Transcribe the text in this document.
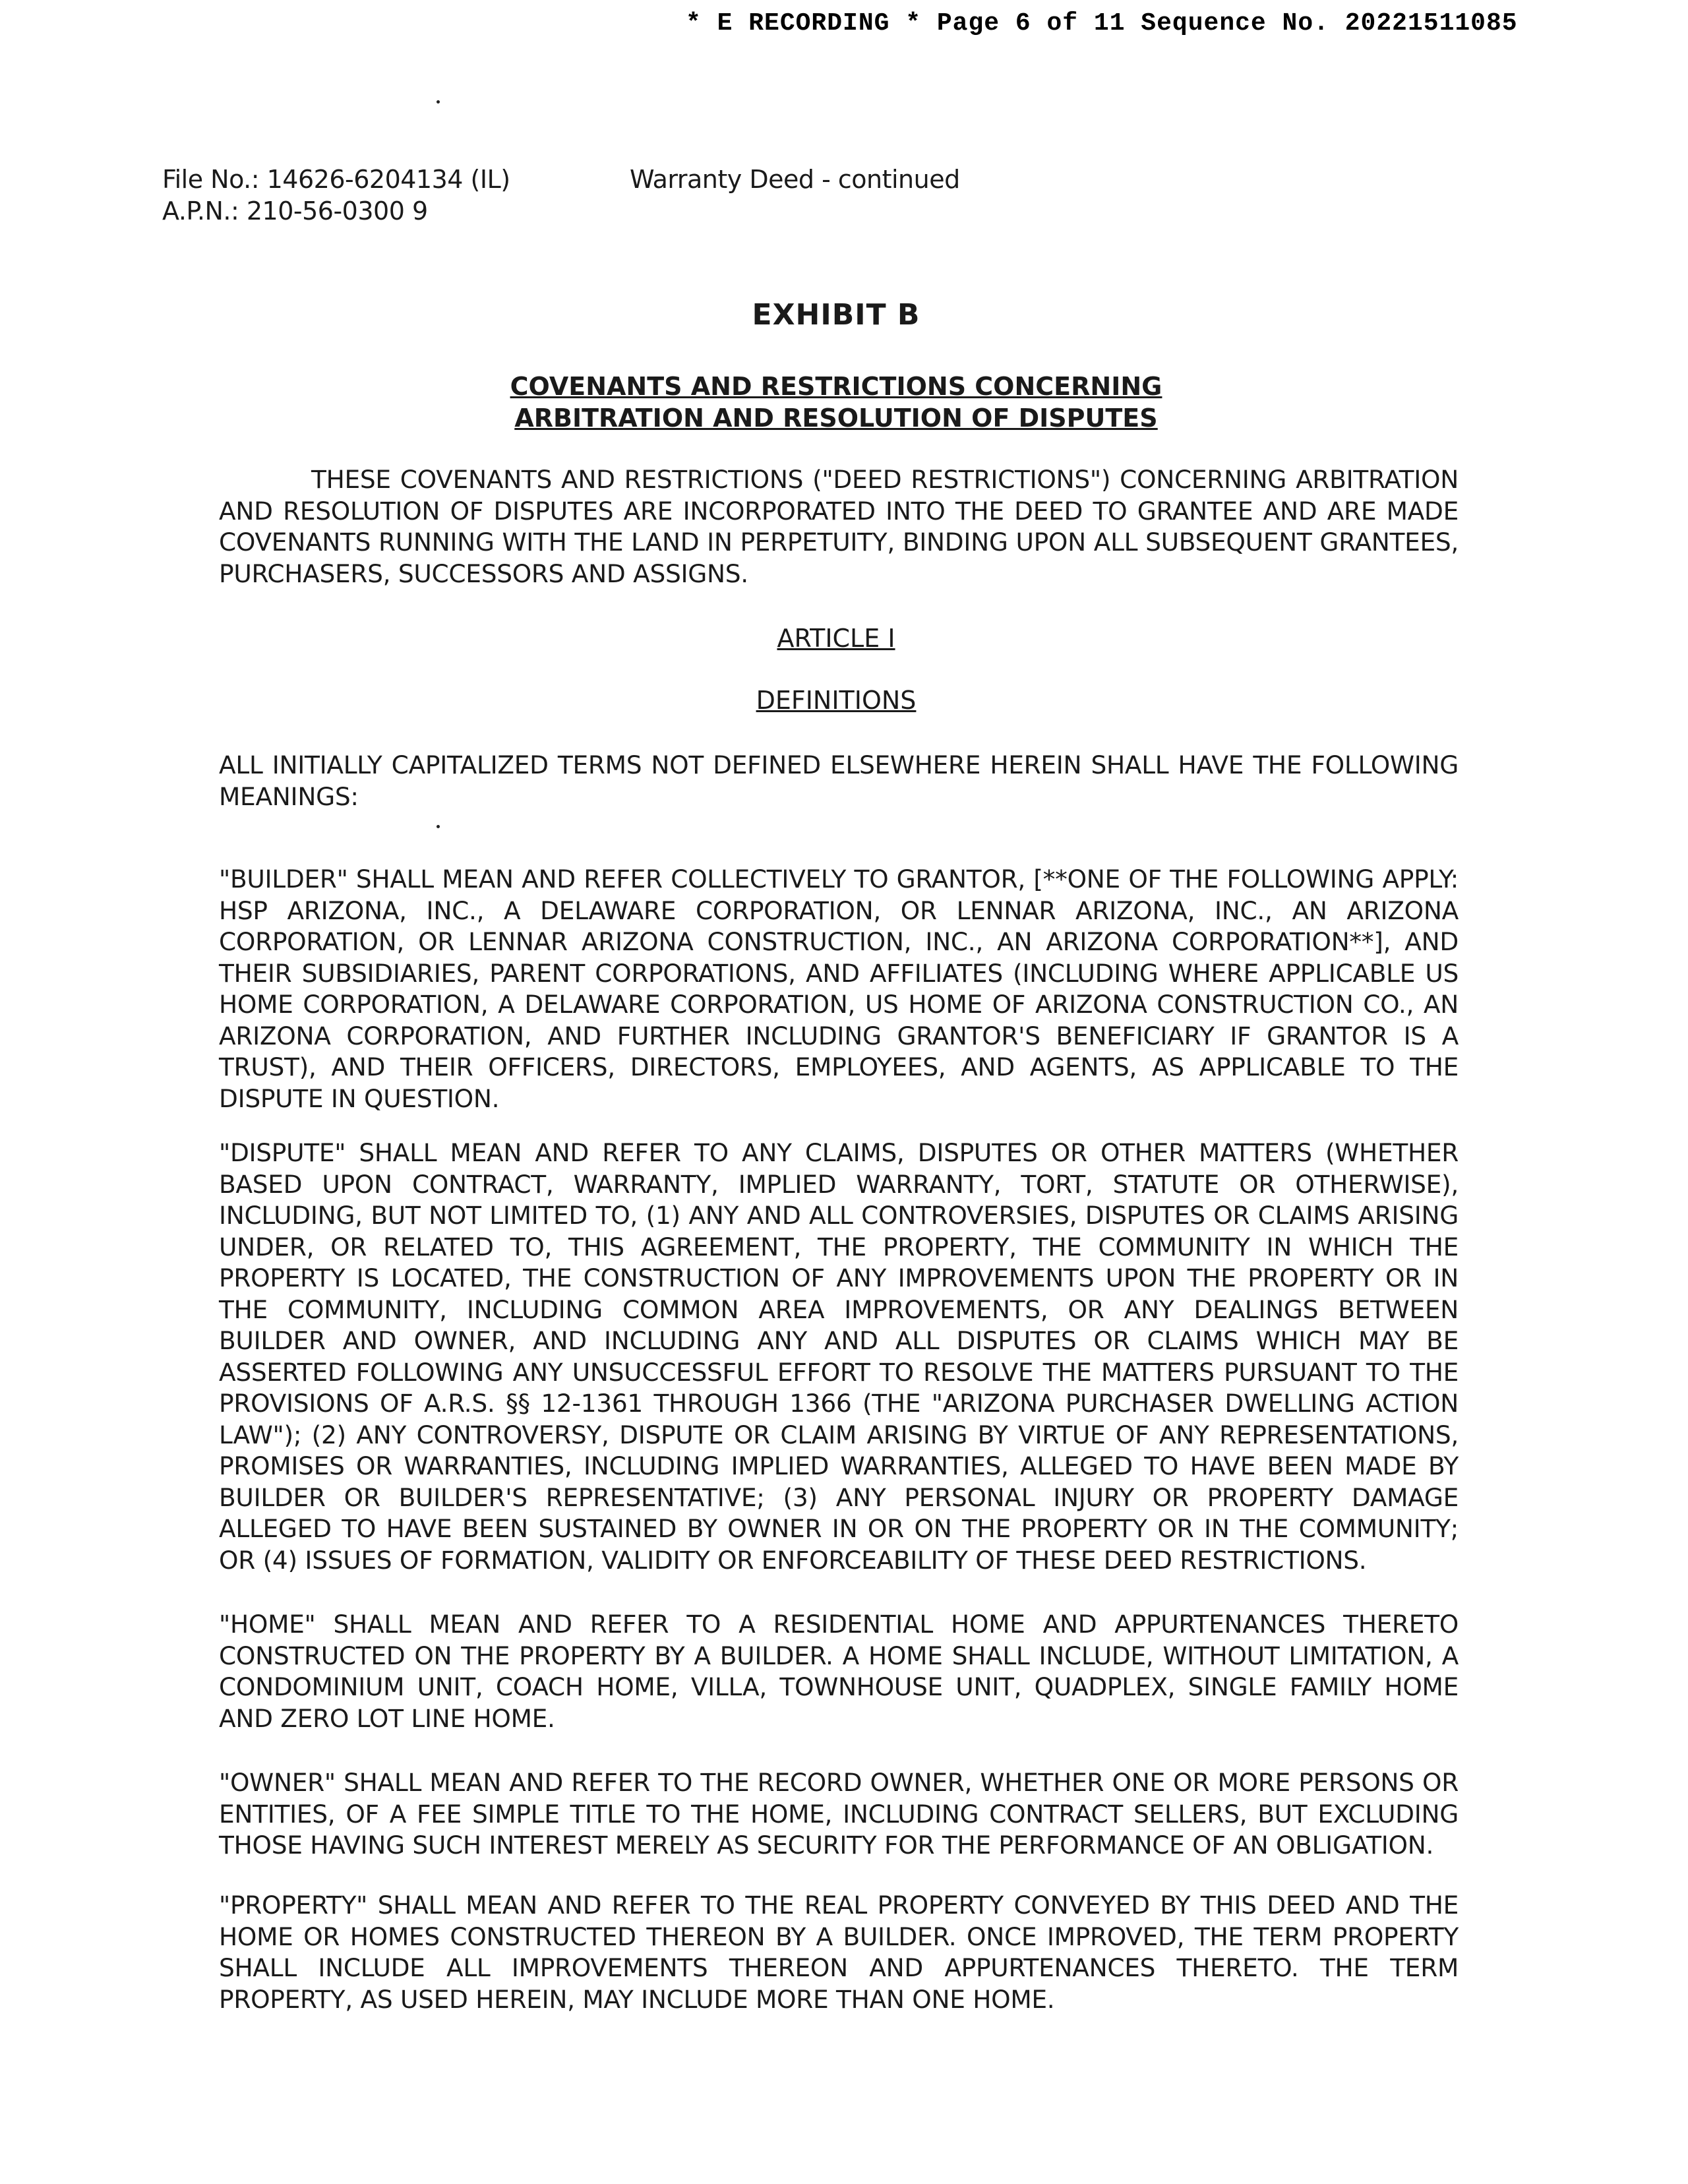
* E RECORDING * Page 6 of 11 Sequence No. 20221511085
File No.: 14626-6204134 (IL)
A.P.N.: 210-56-0300 9
Warranty Deed - continued
EXHIBIT B
COVENANTS AND RESTRICTIONS CONCERNING
ARBITRATION AND RESOLUTION OF DISPUTES
THESE COVENANTS AND RESTRICTIONS ("DEED RESTRICTIONS") CONCERNING ARBITRATION AND RESOLUTION OF DISPUTES ARE INCORPORATED INTO THE DEED TO GRANTEE AND ARE MADE COVENANTS RUNNING WITH THE LAND IN PERPETUITY, BINDING UPON ALL SUBSEQUENT GRANTEES, PURCHASERS, SUCCESSORS AND ASSIGNS.
ARTICLE I
DEFINITIONS
ALL INITIALLY CAPITALIZED TERMS NOT DEFINED ELSEWHERE HEREIN SHALL HAVE THE FOLLOWING MEANINGS:
"BUILDER" SHALL MEAN AND REFER COLLECTIVELY TO GRANTOR, [**ONE OF THE FOLLOWING APPLY: HSP ARIZONA, INC., A DELAWARE CORPORATION, OR LENNAR ARIZONA, INC., AN ARIZONA CORPORATION, OR LENNAR ARIZONA CONSTRUCTION, INC., AN ARIZONA CORPORATION**], AND THEIR SUBSIDIARIES, PARENT CORPORATIONS, AND AFFILIATES (INCLUDING WHERE APPLICABLE US HOME CORPORATION, A DELAWARE CORPORATION, US HOME OF ARIZONA CONSTRUCTION CO., AN ARIZONA CORPORATION, AND FURTHER INCLUDING GRANTOR'S BENEFICIARY IF GRANTOR IS A TRUST), AND THEIR OFFICERS, DIRECTORS, EMPLOYEES, AND AGENTS, AS APPLICABLE TO THE DISPUTE IN QUESTION.
"DISPUTE" SHALL MEAN AND REFER TO ANY CLAIMS, DISPUTES OR OTHER MATTERS (WHETHER BASED UPON CONTRACT, WARRANTY, IMPLIED WARRANTY, TORT, STATUTE OR OTHERWISE), INCLUDING, BUT NOT LIMITED TO, (1) ANY AND ALL CONTROVERSIES, DISPUTES OR CLAIMS ARISING UNDER, OR RELATED TO, THIS AGREEMENT, THE PROPERTY, THE COMMUNITY IN WHICH THE PROPERTY IS LOCATED, THE CONSTRUCTION OF ANY IMPROVEMENTS UPON THE PROPERTY OR IN THE COMMUNITY, INCLUDING COMMON AREA IMPROVEMENTS, OR ANY DEALINGS BETWEEN BUILDER AND OWNER, AND INCLUDING ANY AND ALL DISPUTES OR CLAIMS WHICH MAY BE ASSERTED FOLLOWING ANY UNSUCCESSFUL EFFORT TO RESOLVE THE MATTERS PURSUANT TO THE PROVISIONS OF A.R.S. §§ 12-1361 THROUGH 1366 (THE "ARIZONA PURCHASER DWELLING ACTION LAW"); (2) ANY CONTROVERSY, DISPUTE OR CLAIM ARISING BY VIRTUE OF ANY REPRESENTATIONS, PROMISES OR WARRANTIES, INCLUDING IMPLIED WARRANTIES, ALLEGED TO HAVE BEEN MADE BY BUILDER OR BUILDER'S REPRESENTATIVE; (3) ANY PERSONAL INJURY OR PROPERTY DAMAGE ALLEGED TO HAVE BEEN SUSTAINED BY OWNER IN OR ON THE PROPERTY OR IN THE COMMUNITY; OR (4) ISSUES OF FORMATION, VALIDITY OR ENFORCEABILITY OF THESE DEED RESTRICTIONS.
"HOME" SHALL MEAN AND REFER TO A RESIDENTIAL HOME AND APPURTENANCES THERETO CONSTRUCTED ON THE PROPERTY BY A BUILDER. A HOME SHALL INCLUDE, WITHOUT LIMITATION, A CONDOMINIUM UNIT, COACH HOME, VILLA, TOWNHOUSE UNIT, QUADPLEX, SINGLE FAMILY HOME AND ZERO LOT LINE HOME.
"OWNER" SHALL MEAN AND REFER TO THE RECORD OWNER, WHETHER ONE OR MORE PERSONS OR ENTITIES, OF A FEE SIMPLE TITLE TO THE HOME, INCLUDING CONTRACT SELLERS, BUT EXCLUDING THOSE HAVING SUCH INTEREST MERELY AS SECURITY FOR THE PERFORMANCE OF AN OBLIGATION.
"PROPERTY" SHALL MEAN AND REFER TO THE REAL PROPERTY CONVEYED BY THIS DEED AND THE HOME OR HOMES CONSTRUCTED THEREON BY A BUILDER. ONCE IMPROVED, THE TERM PROPERTY SHALL INCLUDE ALL IMPROVEMENTS THEREON AND APPURTENANCES THERETO. THE TERM PROPERTY, AS USED HEREIN, MAY INCLUDE MORE THAN ONE HOME.
